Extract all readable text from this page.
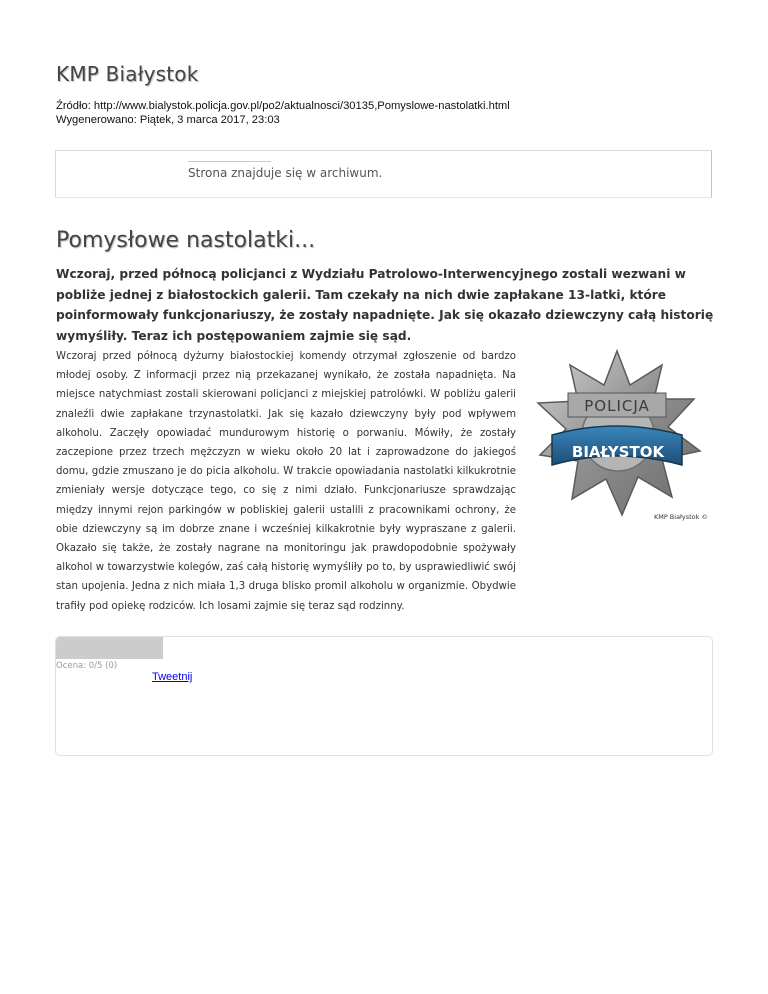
KMP Białystok
Źródło: http://www.bialystok.policja.gov.pl/po2/aktualnosci/30135,Pomyslowe-nastolatki.html
Wygenerowano: Piątek, 3 marca 2017, 23:03
Strona znajduje się w archiwum.
Pomysłowe nastolatki...

Wczoraj, przed północą policjanci z Wydziału Patrolowo-Interwencyjnego zostali wezwani w pobliże jednej z białostockich galerii. Tam czekały na nich dwie zapłakane 13-latki, które poinformowały funkcjonariuszy, że zostały napadnięte. Jak się okazało dziewczyny całą historię wymyśliły. Teraz ich postępowaniem zajmie się sąd.

Wczoraj przed północą dyżurny białostockiej komendy otrzymał zgłoszenie od bardzo młodej osoby. Z informacji przez nią przekazanej wynikało, że została napadnięta. Na miejsce natychmiast zostali skierowani policjanci z miejskiej patrolówki. W pobliżu galerii znaleźli dwie zapłakane trzynastolatki. Jak się kazało dziewczyny były pod wpływem alkoholu. Zaczęły opowiadać mundurowym historię o porwaniu. Mówiły, że zostały zaczepione przez trzech mężczyzn w wieku około 20 lat i zaprowadzone do jakiegoś domu, gdzie zmuszano je do picia alkoholu. W trakcie opowiadania nastolatki kilkukrotnie zmieniały wersje dotyczące tego, co się z nimi działo. Funkcjonariusze sprawdzając między innymi rejon parkingów w pobliskiej galerii ustalili z pracownikami ochrony, że obie dziewczyny są im dobrze znane i wcześniej kilkakrotnie były wypraszane z galerii. Okazało się także, że zostały nagrane na monitoringu jak prawdopodobnie spożywały alkohol w towarzystwie kolegów, zaś całą historię wymyśliły po to, by usprawiedliwić swój stan upojenia. Jedna z nich miała 1,3 druga blisko promil alkoholu w organizmie. Obydwie trafiły pod opiekę rodziców. Ich losami zajmie się teraz sąd rodzinny.

POLICJA
BIAŁYSTOK
KMP Białystok ©
Ocena: 0/5 (0)
Tweetnij
